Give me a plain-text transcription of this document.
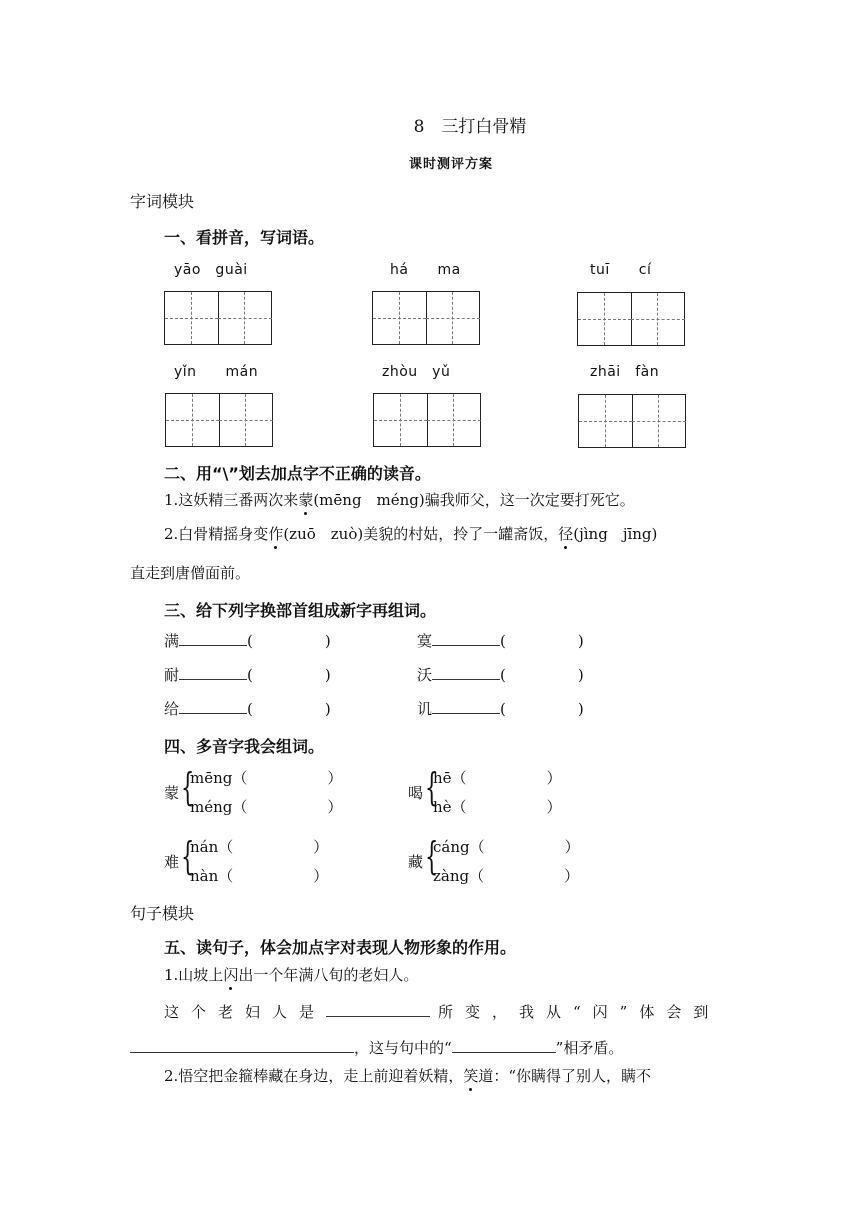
8　三打白骨精
课时测评方案
字词模块
一、看拼音，写词语。
yāo　guài	há　　ma	tuī　　cí
yǐn　　mán	zhòu　yǔ	zhāi　fàn
二、用“\”划去加点字不正确的读音。
1.这妖精三番两次来蒙(mēng　méng)骗我师父，这一次定要打死它。
2.白骨精摇身变作(zuō　zuò)美貌的村姑，拎了一罐斋饭，径(jìng　jīng)
直走到唐僧面前。
三、给下列字换部首组成新字再组词。
满	(	)	寞	(	)
耐	(	)	沃	(	)
给	(	)	讥	(	)
四、多音字我会组词。
蒙 {
mēng（	）
méng（	）
喝 {
hē（	）
hè（	）
难 {
nán（	）
nàn（	）
藏 {
cáng（	）
zàng（	）
句子模块
五、读句子，体会加点字对表现人物形象的作用。
1.山坡上闪出一个年满八旬的老妇人。
这个老妇人是	所变，我从“闪”体会到
，这与句中的“	”相矛盾。
2.悟空把金箍棒藏在身边，走上前迎着妖精，笑道：“你瞒得了别人，瞒不
